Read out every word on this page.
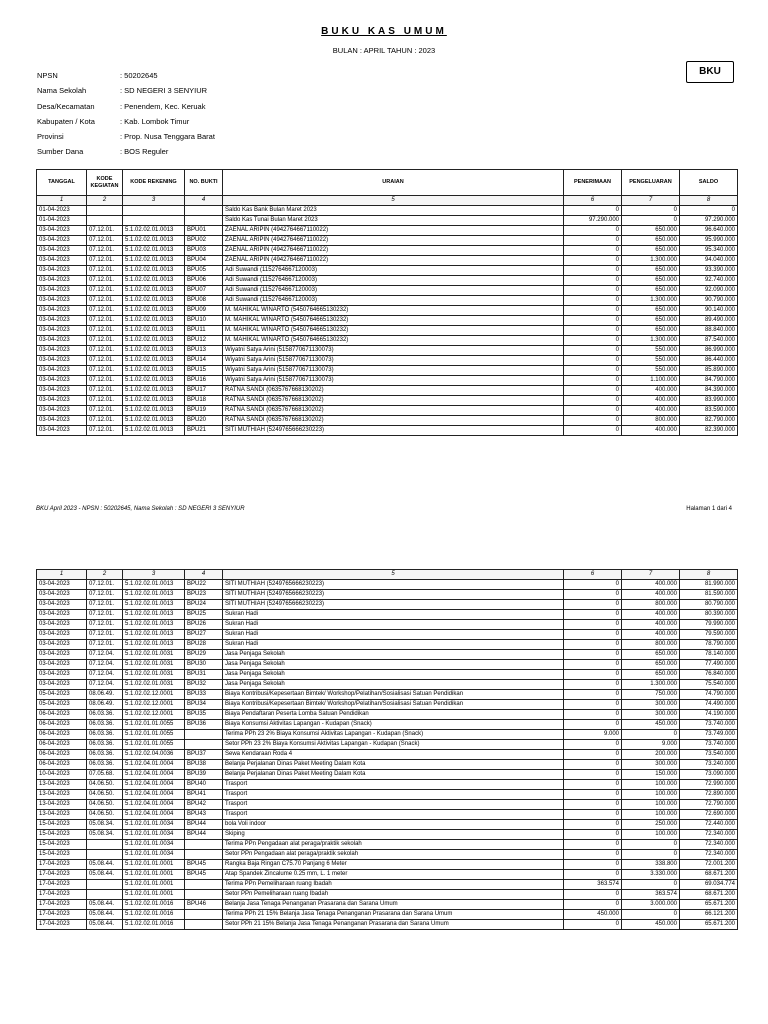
BUKU KAS UMUM
BULAN : APRIL TAHUN : 2023
BKU
NPSN	: 50202645
Nama Sekolah	: SD NEGERI 3 SENYIUR
Desa/Kecamatan	: Penendem, Kec. Keruak
Kabupaten / Kota	: Kab. Lombok Timur
Provinsi	: Prop. Nusa Tenggara Barat
Sumber Dana	: BOS Reguler
TANGGAL	KODE KEGIATAN	KODE REKENING	NO. BUKTI	URAIAN	PENERIMAAN	PENGELUARAN	SALDO
1	2	3	4	5	6	7	8
01-04-2023				Saldo Kas Bank Bulan Maret 2023	0	0	0
01-04-2023				Saldo Kas Tunai Bulan Maret 2023	97.290.000	0	97.290.000
03-04-2023	07.12.01.	5.1.02.02.01.0013	BPU01	ZAENAL ARIPIN (4942764667110022)	0	650.000	96.640.000
03-04-2023	07.12.01.	5.1.02.02.01.0013	BPU02	ZAENAL ARIPIN (4942764667110022)	0	650.000	95.990.000
03-04-2023	07.12.01.	5.1.02.02.01.0013	BPU03	ZAENAL ARIPIN (4942764667110022)	0	650.000	95.340.000
03-04-2023	07.12.01.	5.1.02.02.01.0013	BPU04	ZAENAL ARIPIN (4942764667110022)	0	1.300.000	94.040.000
03-04-2023	07.12.01.	5.1.02.02.01.0013	BPU05	Adi Suwandi (1152764667120003)	0	650.000	93.390.000
03-04-2023	07.12.01.	5.1.02.02.01.0013	BPU06	Adi Suwandi (1152764667120003)	0	650.000	92.740.000
03-04-2023	07.12.01.	5.1.02.02.01.0013	BPU07	Adi Suwandi (1152764667120003)	0	650.000	92.090.000
03-04-2023	07.12.01.	5.1.02.02.01.0013	BPU08	Adi Suwandi (1152764667120003)	0	1.300.000	90.790.000
03-04-2023	07.12.01.	5.1.02.02.01.0013	BPU09	M. MAHIKAL WINARTO (5450764665130232)	0	650.000	90.140.000
03-04-2023	07.12.01.	5.1.02.02.01.0013	BPU10	M. MAHIKAL WINARTO (5450764665130232)	0	650.000	89.490.000
03-04-2023	07.12.01.	5.1.02.02.01.0013	BPU11	M. MAHIKAL WINARTO (5450764665130232)	0	650.000	88.840.000
03-04-2023	07.12.01.	5.1.02.02.01.0013	BPU12	M. MAHIKAL WINARTO (5450764665130232)	0	1.300.000	87.540.000
03-04-2023	07.12.01.	5.1.02.02.01.0013	BPU13	Wiyatni Satya Arini (5158770671130073)	0	550.000	86.990.000
03-04-2023	07.12.01.	5.1.02.02.01.0013	BPU14	Wiyatni Satya Arini (5158770671130073)	0	550.000	86.440.000
03-04-2023	07.12.01.	5.1.02.02.01.0013	BPU15	Wiyatni Satya Arini (5158770671130073)	0	550.000	85.890.000
03-04-2023	07.12.01.	5.1.02.02.01.0013	BPU16	Wiyatni Satya Arini (5158770671130073)	0	1.100.000	84.790.000
03-04-2023	07.12.01.	5.1.02.02.01.0013	BPU17	RATNA SANDI (0635767668130202)	0	400.000	84.390.000
03-04-2023	07.12.01.	5.1.02.02.01.0013	BPU18	RATNA SANDI (0635767668130202)	0	400.000	83.990.000
03-04-2023	07.12.01.	5.1.02.02.01.0013	BPU19	RATNA SANDI (0635767668130202)	0	400.000	83.590.000
03-04-2023	07.12.01.	5.1.02.02.01.0013	BPU20	RATNA SANDI (0635767668130202)	0	800.000	82.790.000
03-04-2023	07.12.01.	5.1.02.02.01.0013	BPU21	SITI MUTHIAH (5249765666230223)	0	400.000	82.390.000
BKU April 2023 - NPSN : 50202645, Nama Sekolah : SD NEGERI 3 SENYIUR	Halaman 1 dari 4
1	2	3	4	5	6	7	8
03-04-2023	07.12.01.	5.1.02.02.01.0013	BPU22	SITI MUTHIAH (5249765666230223)	0	400.000	81.990.000
03-04-2023	07.12.01.	5.1.02.02.01.0013	BPU23	SITI MUTHIAH (5249765666230223)	0	400.000	81.590.000
03-04-2023	07.12.01.	5.1.02.02.01.0013	BPU24	SITI MUTHIAH (5249765666230223)	0	800.000	80.790.000
03-04-2023	07.12.01.	5.1.02.02.01.0013	BPU25	Sukran Hadi	0	400.000	80.390.000
03-04-2023	07.12.01.	5.1.02.02.01.0013	BPU26	Sukran Hadi	0	400.000	79.990.000
03-04-2023	07.12.01.	5.1.02.02.01.0013	BPU27	Sukran Hadi	0	400.000	79.590.000
03-04-2023	07.12.01.	5.1.02.02.01.0013	BPU28	Sukran Hadi	0	800.000	78.790.000
03-04-2023	07.12.04.	5.1.02.02.01.0031	BPU29	Jasa Penjaga Sekolah	0	650.000	78.140.000
03-04-2023	07.12.04.	5.1.02.02.01.0031	BPU30	Jasa Penjaga Sekolah	0	650.000	77.490.000
03-04-2023	07.12.04.	5.1.02.02.01.0031	BPU31	Jasa Penjaga Sekolah	0	650.000	76.840.000
03-04-2023	07.12.04.	5.1.02.02.01.0031	BPU32	Jasa Penjaga Sekolah	0	1.300.000	75.540.000
05-04-2023	08.06.49.	5.1.02.02.12.0001	BPU33	Biaya Kontribusi/Kepesertaan Bimtek/ Workshop/Pelatihan/Sosialisasi Satuan Pendidikan	0	750.000	74.790.000
05-04-2023	08.06.49.	5.1.02.02.12.0001	BPU34	Biaya Kontribusi/Kepesertaan Bimtek/ Workshop/Pelatihan/Sosialisasi Satuan Pendidikan	0	300.000	74.490.000
06-04-2023	06.03.36.	5.1.02.02.12.0001	BPU35	Biaya Pendaftaran Peserta Lomba Satuan Pendidikan	0	300.000	74.190.000
06-04-2023	06.03.36.	5.1.02.01.01.0055	BPU36	Biaya Konsumsi Aktivitas Lapangan - Kudapan (Snack)	0	450.000	73.740.000
06-04-2023	06.03.36.	5.1.02.01.01.0055		Terima PPh 23 2% Biaya Konsumsi Aktivitas Lapangan - Kudapan (Snack)	9.000	0	73.749.000
06-04-2023	06.03.36.	5.1.02.01.01.0055		Setor PPh 23 2% Biaya Konsumsi Aktivitas Lapangan - Kudapan (Snack)	0	9.000	73.740.000
06-04-2023	06.03.36.	5.1.02.02.04.0036	BPU37	Sewa Kendaraan Roda 4	0	200.000	73.540.000
06-04-2023	06.03.36.	5.1.02.04.01.0004	BPU38	Belanja Perjalanan Dinas Paket Meeting Dalam Kota	0	300.000	73.240.000
10-04-2023	07.05.68.	5.1.02.04.01.0004	BPU39	Belanja Perjalanan Dinas Paket Meeting Dalam Kota	0	150.000	73.090.000
13-04-2023	04.06.50.	5.1.02.04.01.0004	BPU40	Trasport	0	100.000	72.990.000
13-04-2023	04.06.50.	5.1.02.04.01.0004	BPU41	Trasport	0	100.000	72.890.000
13-04-2023	04.06.50.	5.1.02.04.01.0004	BPU42	Trasport	0	100.000	72.790.000
13-04-2023	04.06.50.	5.1.02.04.01.0004	BPU43	Trasport	0	100.000	72.690.000
15-04-2023	05.08.34.	5.1.02.01.01.0034	BPU44	bola Voli indoor	0	250.000	72.440.000
15-04-2023	05.08.34.	5.1.02.01.01.0034	BPU44	Skiping	0	100.000	72.340.000
15-04-2023		5.1.02.01.01.0034		Terima PPn Pengadaan alat peraga/praktik sekolah	0	0	72.340.000
15-04-2023		5.1.02.01.01.0034		Setor PPn Pengadaan alat peraga/praktik sekolah	0	0	72.340.000
17-04-2023	05.08.44.	5.1.02.01.01.0001	BPU45	Rangka Baja Ringan C75.70 Panjang 6 Meter	0	338.800	72.001.200
17-04-2023	05.08.44.	5.1.02.01.01.0001	BPU45	Atap Spandek Zincalume 0.25 mm, L. 1 meter	0	3.330.000	68.671.200
17-04-2023		5.1.02.01.01.0001		Terima PPn Pemeliharaan ruang Ibadah	363.574	0	69.034.774
17-04-2023		5.1.02.01.01.0001		Setor PPn Pemeliharaan ruang Ibadah	0	363.574	68.671.200
17-04-2023	05.08.44.	5.1.02.02.01.0016	BPU46	Belanja Jasa Tenaga Penanganan Prasarana dan Sarana Umum	0	3.000.000	65.671.200
17-04-2023	05.08.44.	5.1.02.02.01.0016		Terima PPh 21 15% Belanja Jasa Tenaga Penanganan Prasarana dan Sarana Umum	450.000	0	66.121.200
17-04-2023	05.08.44.	5.1.02.02.01.0016		Setor PPh 21 15% Belanja Jasa Tenaga Penanganan Prasarana dan Sarana Umum	0	450.000	65.671.200
